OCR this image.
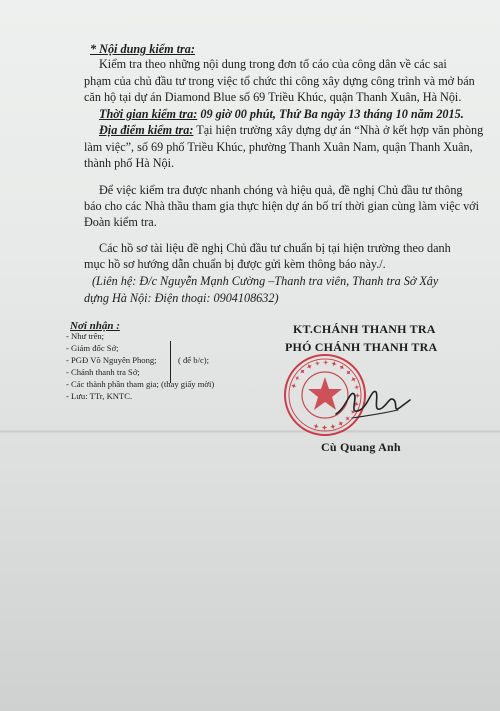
* Nội dung kiểm tra:
Kiểm tra theo những nội dung trong đơn tố cáo của công dân về các sai
phạm của chủ đầu tư trong việc tổ chức thi công xây dựng công trình và mở bán
căn hộ tại dự án Diamond Blue số 69 Triều Khúc, quận Thanh Xuân, Hà Nội.
Thời gian kiểm tra: 09 giờ 00 phút, Thứ Ba ngày 13 tháng 10 năm 2015.
Địa điểm kiểm tra: Tại hiện trường xây dựng dự án “Nhà ở kết hợp văn phòng
làm việc”, số 69 phố Triều Khúc, phường Thanh Xuân Nam, quận Thanh Xuân,
thành phố Hà Nội.
Để việc kiểm tra được nhanh chóng và hiệu quả, đề nghị Chủ đầu tư thông
báo cho các Nhà thầu tham gia thực hiện dự án bố trí thời gian cùng làm việc với
Đoàn kiểm tra.
Các hồ sơ tài liệu đề nghị Chủ đầu tư chuẩn bị tại hiện trường theo danh
mục hồ sơ hướng dẫn chuẩn bị được gửi kèm thông báo này./.
(Liên hệ: Đ/c Nguyễn Mạnh Cường –Thanh tra viên, Thanh tra Sở Xây
dựng Hà Nội: Điện thoại: 0904108632)
Nơi nhận :
- Như trên;
- Giám đốc Sở;
- PGĐ Võ Nguyên Phong;
- Chánh thanh tra Sở;
- Các thành phần tham gia; (thay giấy mời)
- Lưu: TTr, KNTC.
( để b/c);
KT.CHÁNH THANH TRA
PHÓ CHÁNH THANH TRA
✦ ✦ ✦ ✦ ✦ ✦ ✦ ✦ ✦ ✦ ✦ ✦ ✦ ✦ ✦ ✦ ✦ ✦ ✦
Cù Quang Anh
